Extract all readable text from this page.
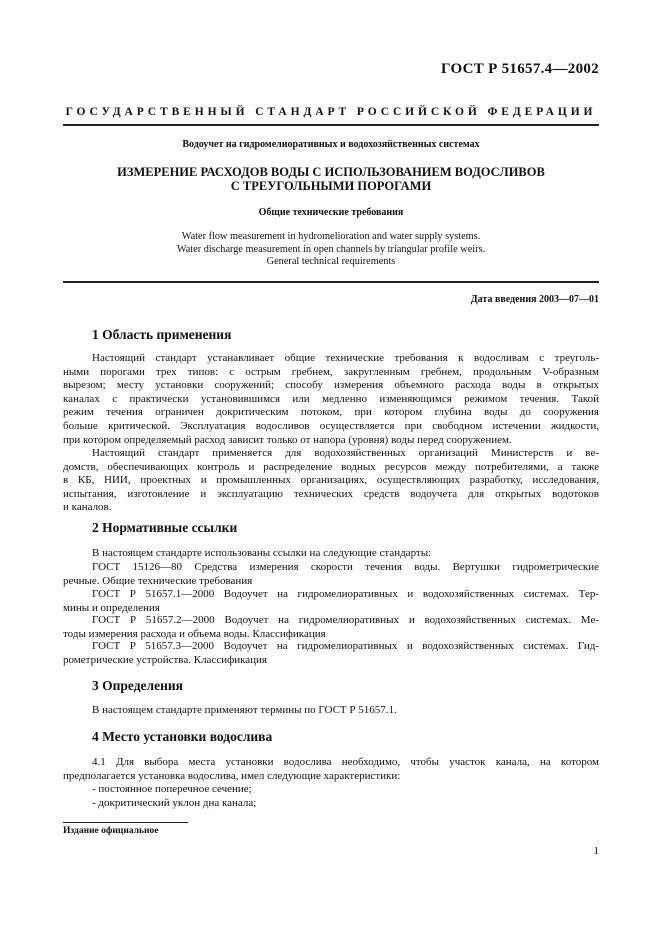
ГОСТ Р 51657.4—2002
ГОСУДАРСТВЕННЫЙ СТАНДАРТ РОССИЙСКОЙ ФЕДЕРАЦИИ
Водоучет на гидромелиоративных и водохозяйственных системах
ИЗМЕРЕНИЕ РАСХОДОВ ВОДЫ С ИСПОЛЬЗОВАНИЕМ ВОДОСЛИВОВ
С ТРЕУГОЛЬНЫМИ ПОРОГАМИ
Общие технические требования
Water flow measurement in hydromelioration and water supply systems.
Water discharge measurement in open channels by triangular profile weirs.
General technical requirements
Дата введения 2003—07—01
1 Область применения
Настоящий стандарт устанавливает общие технические требования к водосливам с треуголь-
ными порогами трех типов: с острым гребнем, закругленным гребнем, продольным V-образным
вырезом; месту установки сооружений; способу измерения объемного расхода воды в открытых
каналах с практически установившимся или медленно изменяющимся режимом течения. Такой
режим течения ограничен докритическим потоком, при котором глубина воды до сооружения
больше критической. Эксплуатация водосливов осуществляется при свободном истечении жидкости,
при котором определяемый расход зависит только от напора (уровня) воды перед сооружением.
Настоящий стандарт применяется для водохозяйственных организаций Министерств и ве-
домств, обеспечивающих контроль и распределение водных ресурсов между потребителями, а также
в КБ, НИИ, проектных и промышленных организациях, осуществляющих разработку, исследования,
испытания, изготовление и эксплуатацию технических средств водоучета для открытых водотоков
и каналов.
2 Нормативные ссылки
В настоящем стандарте использованы ссылки на следующие стандарты:
ГОСТ 15126—80 Средства измерения скорости течения воды. Вертушки гидрометрические
речные. Общие технические требования
ГОСТ Р 51657.1—2000 Водоучет на гидромелиоративных и водохозяйственных системах. Тер-
мины и определения
ГОСТ Р 51657.2—2000 Водоучет на гидромелиоративных и водохозяйственных системах. Ме-
тоды измерения расхода и объема воды. Классификация
ГОСТ Р 51657.3—2000 Водоучет на гидромелиоративных и водохозяйственных системах. Гид-
рометрические устройства. Классификация
3 Определения
В настоящем стандарте применяют термины по ГОСТ Р 51657.1.
4 Место установки водослива
4.1 Для выбора места установки водослива необходимо, чтобы участок канала, на котором
предполагается установка водослива, имел следующие характеристики:
- постоянное поперечное сечение;
- докритический уклон дна канала;
Издание официальное
1
